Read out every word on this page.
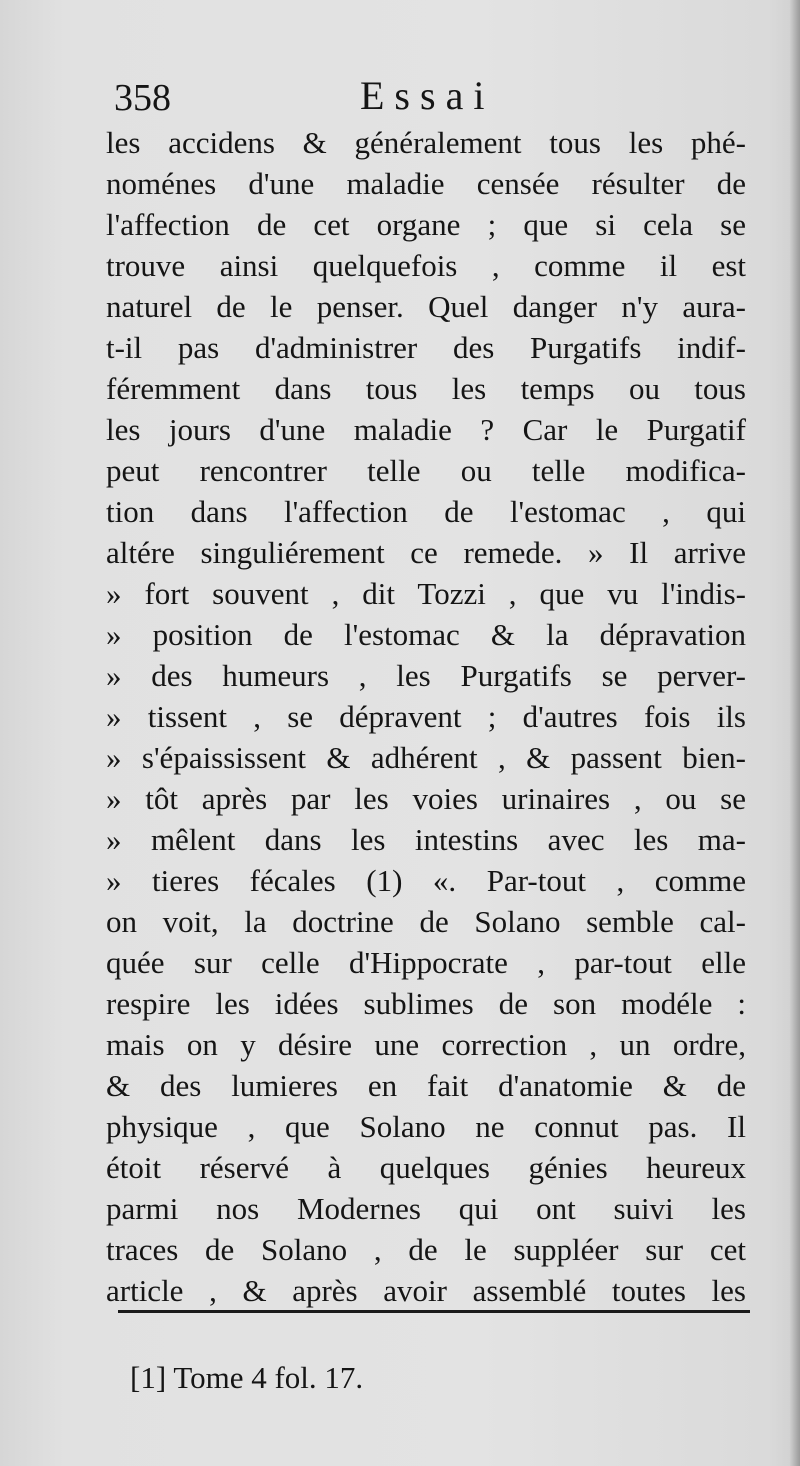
358	Essai
les accidens & généralement tous les phé-
noménes d'une maladie censée résulter de
l'affection de cet organe ; que si cela se
trouve ainsi quelquefois , comme il est
naturel de le penser. Quel danger n'y aura-
t-il pas d'administrer des Purgatifs indif-
féremment dans tous les temps ou tous
les jours d'une maladie ? Car le Purgatif
peut rencontrer telle ou telle modifica-
tion dans l'affection de l'estomac , qui
altére singuliérement ce remede. » Il arrive
» fort souvent , dit Tozzi , que vu l'indis-
» position de l'estomac & la dépravation
» des humeurs , les Purgatifs se perver-
» tissent , se dépravent ; d'autres fois ils
» s'épaississent & adhérent , & passent bien-
» tôt après par les voies urinaires , ou se
» mêlent dans les intestins avec les ma-
» tieres fécales (1) «. Par-tout , comme
on voit, la doctrine de Solano semble cal-
quée sur celle d'Hippocrate , par-tout elle
respire les idées sublimes de son modéle :
mais on y désire une correction , un ordre,
& des lumieres en fait d'anatomie & de
physique , que Solano ne connut pas. Il
étoit réservé à quelques génies heureux
parmi nos Modernes qui ont suivi les
traces de Solano , de le suppléer sur cet
article , & après avoir assemblé toutes les
[1] Tome 4 fol. 17.
